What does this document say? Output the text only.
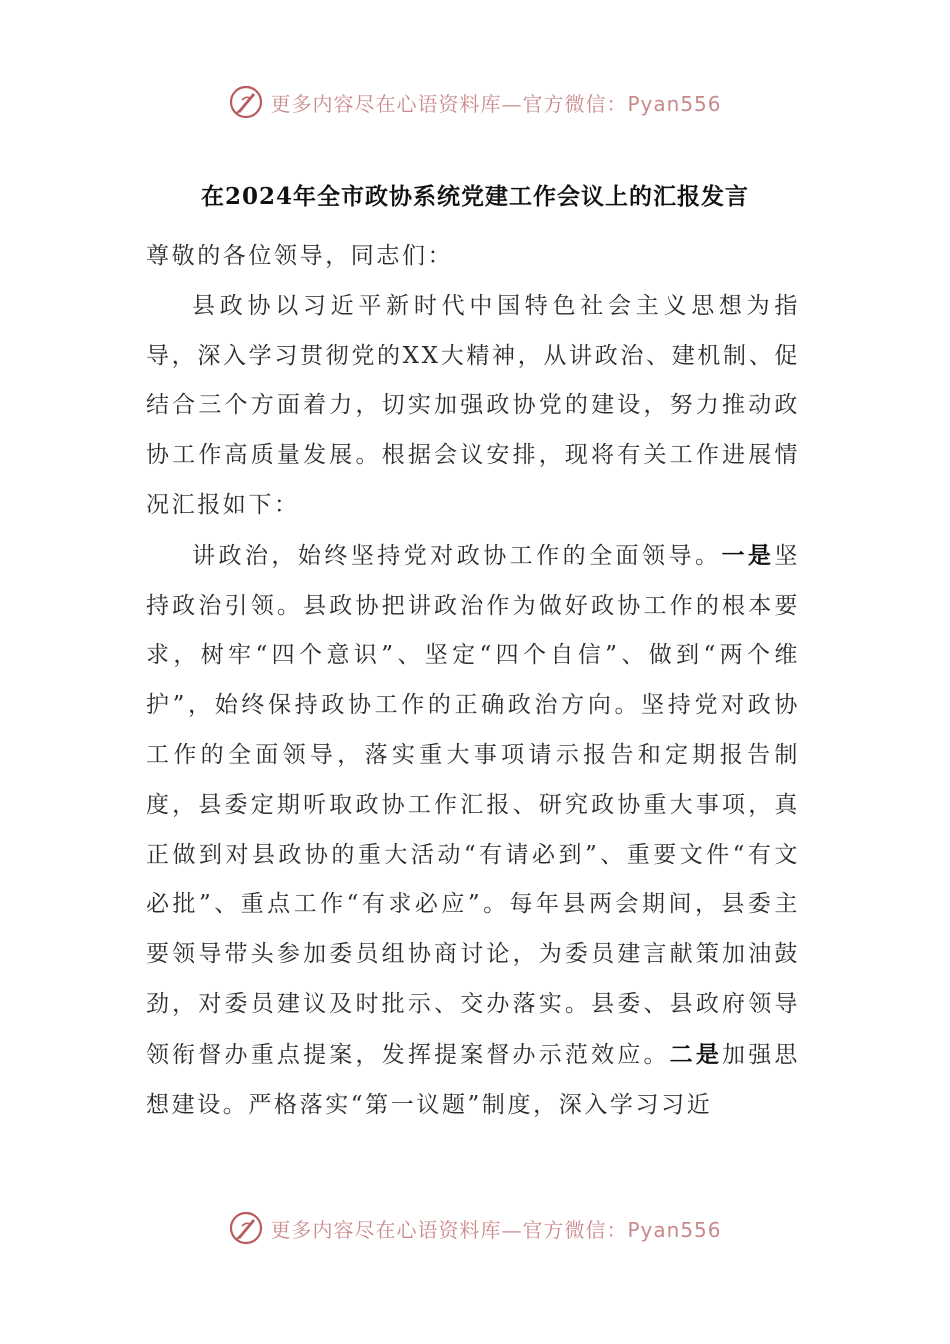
更多内容尽在心语资料库—官方微信：Pyan556
在2024年全市政协系统党建工作会议上的汇报发言

尊敬的各位领导，同志们：

县政协以习近平新时代中国特色社会主义思想为指导，深入学习贯彻党的XX大精神，从讲政治、建机制、促结合三个方面着力，切实加强政协党的建设，努力推动政协工作高质量发展。根据会议安排，现将有关工作进展情况汇报如下：

讲政治，始终坚持党对政协工作的全面领导。一是坚持政治引领。县政协把讲政治作为做好政协工作的根本要求，树牢“四个意识”、坚定“四个自信”、做到“两个维护”，始终保持政协工作的正确政治方向。坚持党对政协工作的全面领导，落实重大事项请示报告和定期报告制度，县委定期听取政协工作汇报、研究政协重大事项，真正做到对县政协的重大活动“有请必到”、重要文件“有文必批”、重点工作“有求必应”。每年县两会期间，县委主要领导带头参加委员组协商讨论，为委员建言献策加油鼓劲，对委员建议及时批示、交办落实。县委、县政府领导领衔督办重点提案，发挥提案督办示范效应。二是加强思想建设。严格落实“第一议题”制度，深入学习习近

更多内容尽在心语资料库—官方微信：Pyan556
